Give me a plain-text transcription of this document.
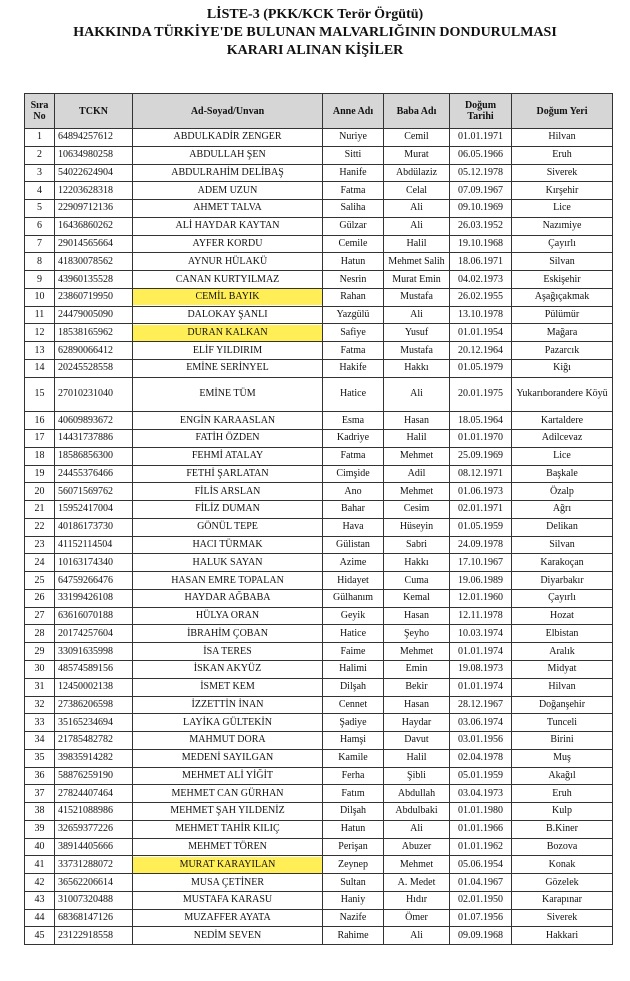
LİSTE-3 (PKK/KCK Terör Örgütü)
HAKKINDA TÜRKİYE'DE BULUNAN MALVARLIĞININ DONDURULMASI
KARARI ALINAN KİŞİLER
Sıra No	TCKN	Ad-Soyad/Unvan	Anne Adı	Baba Adı	Doğum Tarihi	Doğum Yeri
1	64894257612	ABDULKADİR ZENGER	Nuriye	Cemil	01.01.1971	Hilvan
2	10634980258	ABDULLAH ŞEN	Sitti	Murat	06.05.1966	Eruh
3	54022624904	ABDULRAHİM DELİBAŞ	Hanife	Abdülaziz	05.12.1978	Siverek
4	12203628318	ADEM UZUN	Fatma	Celal	07.09.1967	Kırşehir
5	22909712136	AHMET TALVA	Saliha	Ali	09.10.1969	Lice
6	16436860262	ALİ HAYDAR KAYTAN	Gülzar	Ali	26.03.1952	Nazımiye
7	29014565664	AYFER KORDU	Cemile	Halil	19.10.1968	Çayırlı
8	41830078562	AYNUR HÜLAKÜ	Hatun	Mehmet Salih	18.06.1971	Silvan
9	43960135528	CANAN KURTYILMAZ	Nesrin	Murat Emin	04.02.1973	Eskişehir
10	23860719950	CEMİL BAYIK	Rahan	Mustafa	26.02.1955	Aşağıçakmak
11	24479005090	DALOKAY ŞANLI	Yazgülü	Ali	13.10.1978	Pülümür
12	18538165962	DURAN KALKAN	Safiye	Yusuf	01.01.1954	Mağara
13	62890066412	ELİF YILDIRIM	Fatma	Mustafa	20.12.1964	Pazarcık
14	20245528558	EMİNE SERİNYEL	Hakife	Hakkı	01.05.1979	Kiğı
15	27010231040	EMİNE TÜM	Hatice	Ali	20.01.1975	Yukarıborandere Köyü
16	40609893672	ENGİN KARAASLAN	Esma	Hasan	18.05.1964	Kartaldere
17	14431737886	FATİH ÖZDEN	Kadriye	Halil	01.01.1970	Adilcevaz
18	18586856300	FEHMİ ATALAY	Fatma	Mehmet	25.09.1969	Lice
19	24455376466	FETHİ ŞARLATAN	Cimşide	Adil	08.12.1971	Başkale
20	56071569762	FİLİS ARSLAN	Ano	Mehmet	01.06.1973	Özalp
21	15952417004	FİLİZ DUMAN	Bahar	Cesim	02.01.1971	Ağrı
22	40186173730	GÖNÜL TEPE	Hava	Hüseyin	01.05.1959	Delikan
23	41152114504	HACI TÜRMAK	Gülistan	Sabri	24.09.1978	Silvan
24	10163174340	HALUK SAYAN	Azime	Hakkı	17.10.1967	Karakoçan
25	64759266476	HASAN EMRE TOPALAN	Hidayet	Cuma	19.06.1989	Diyarbakır
26	33199426108	HAYDAR AĞBABA	Gülhanım	Kemal	12.01.1960	Çayırlı
27	63616070188	HÜLYA ORAN	Geyik	Hasan	12.11.1978	Hozat
28	20174257604	İBRAHİM ÇOBAN	Hatice	Şeyho	10.03.1974	Elbistan
29	33091635998	İSA TERES	Faime	Mehmet	01.01.1974	Aralık
30	48574589156	İSKAN AKYÜZ	Halimi	Emin	19.08.1973	Midyat
31	12450002138	İSMET KEM	Dilşah	Bekir	01.01.1974	Hilvan
32	27386206598	İZZETTİN İNAN	Cennet	Hasan	28.12.1967	Doğanşehir
33	35165234694	LAYİKA GÜLTEKİN	Şadiye	Haydar	03.06.1974	Tunceli
34	21785482782	MAHMUT DORA	Hamşi	Davut	03.01.1956	Birini
35	39835914282	MEDENİ SAYILGAN	Kamile	Halil	02.04.1978	Muş
36	58876259190	MEHMET ALİ YİĞİT	Ferha	Şibli	05.01.1959	Akağıl
37	27824407464	MEHMET CAN GÜRHAN	Fatım	Abdullah	03.04.1973	Eruh
38	41521088986	MEHMET ŞAH YILDENİZ	Dilşah	Abdulbaki	01.01.1980	Kulp
39	32659377226	MEHMET TAHİR KILIÇ	Hatun	Ali	01.01.1966	B.Kiner
40	38914405666	MEHMET TÖREN	Perişan	Abuzer	01.01.1962	Bozova
41	33731288072	MURAT KARAYILAN	Zeynep	Mehmet	05.06.1954	Konak
42	36562206614	MUSA ÇETİNER	Sultan	A. Medet	01.04.1967	Gözelek
43	31007320488	MUSTAFA KARASU	Haniy	Hıdır	02.01.1950	Karapınar
44	68368147126	MUZAFFER AYATA	Nazife	Ömer	01.07.1956	Siverek
45	23122918558	NEDİM SEVEN	Rahime	Ali	09.09.1968	Hakkari
